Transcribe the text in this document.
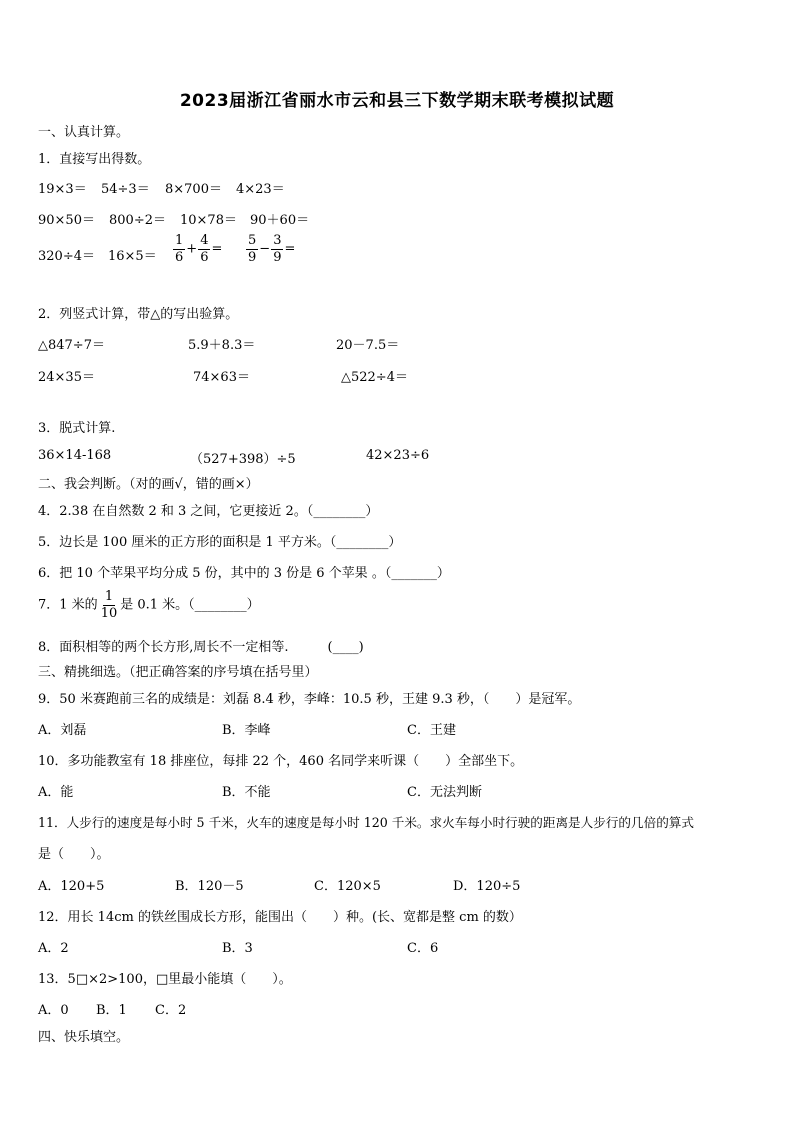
2023届浙江省丽水市云和县三下数学期末联考模拟试题
一、认真计算。
1．直接写出得数。
19×3＝ 54÷3＝ 8×700＝ 4×23＝
90×50＝ 800÷2＝ 10×78＝ 90＋60＝
$320\div 4= 16\times 5= \frac{1}{6} + \frac{4}{6} = \frac{5}{9} - \frac{3}{9}$ =
2．列竖式计算，带△的写出验算。
△847÷7＝	5.9＋8.3＝	20－7.5＝
24×35＝	74×63＝	△522÷4＝
3．脱式计算.
36×14-168	（527+398）÷5	42×23÷6
二、我会判断。（对的画√，错的画×）
4．2.38 在自然数 2 和 3 之间，它更接近 2。（________）
5．边长是 100 厘米的正方形的面积是 1 平方米。（________）
6．把 10 个苹果平均分成 5 份，其中的 3 份是 6 个苹果 。（_______）
7．1 米的 $\frac{1}{10}$ 是 0.1 米。（________）
8．面积相等的两个长方形,周长不一定相等.　　　(____)
三、精挑细选。（把正确答案的序号填在括号里）
9．50 米赛跑前三名的成绩是：刘磊 8.4 秒，李峰：10.5 秒，王建 9.3 秒，（　　）是冠军。
A．刘磊	B．李峰	C．王建
10．多功能教室有 18 排座位，每排 22 个，460 名同学来听课（　　）全部坐下。
A．能	B．不能	C．无法判断
11．人步行的速度是每小时 5 千米，火车的速度是每小时 120 千米。求火车每小时行驶的距离是人步行的几倍的算式
是（　　）。
A．120+5	B．120－5	C．120×5	D．120÷5
12．用长 14cm 的铁丝围成长方形，能围出（　　）种。(长、宽都是整 cm 的数）
A．2	B．3	C．6
13．5□×2>100，□里最小能填（　　）。
A．0 B．1 C．2
四、快乐填空。
